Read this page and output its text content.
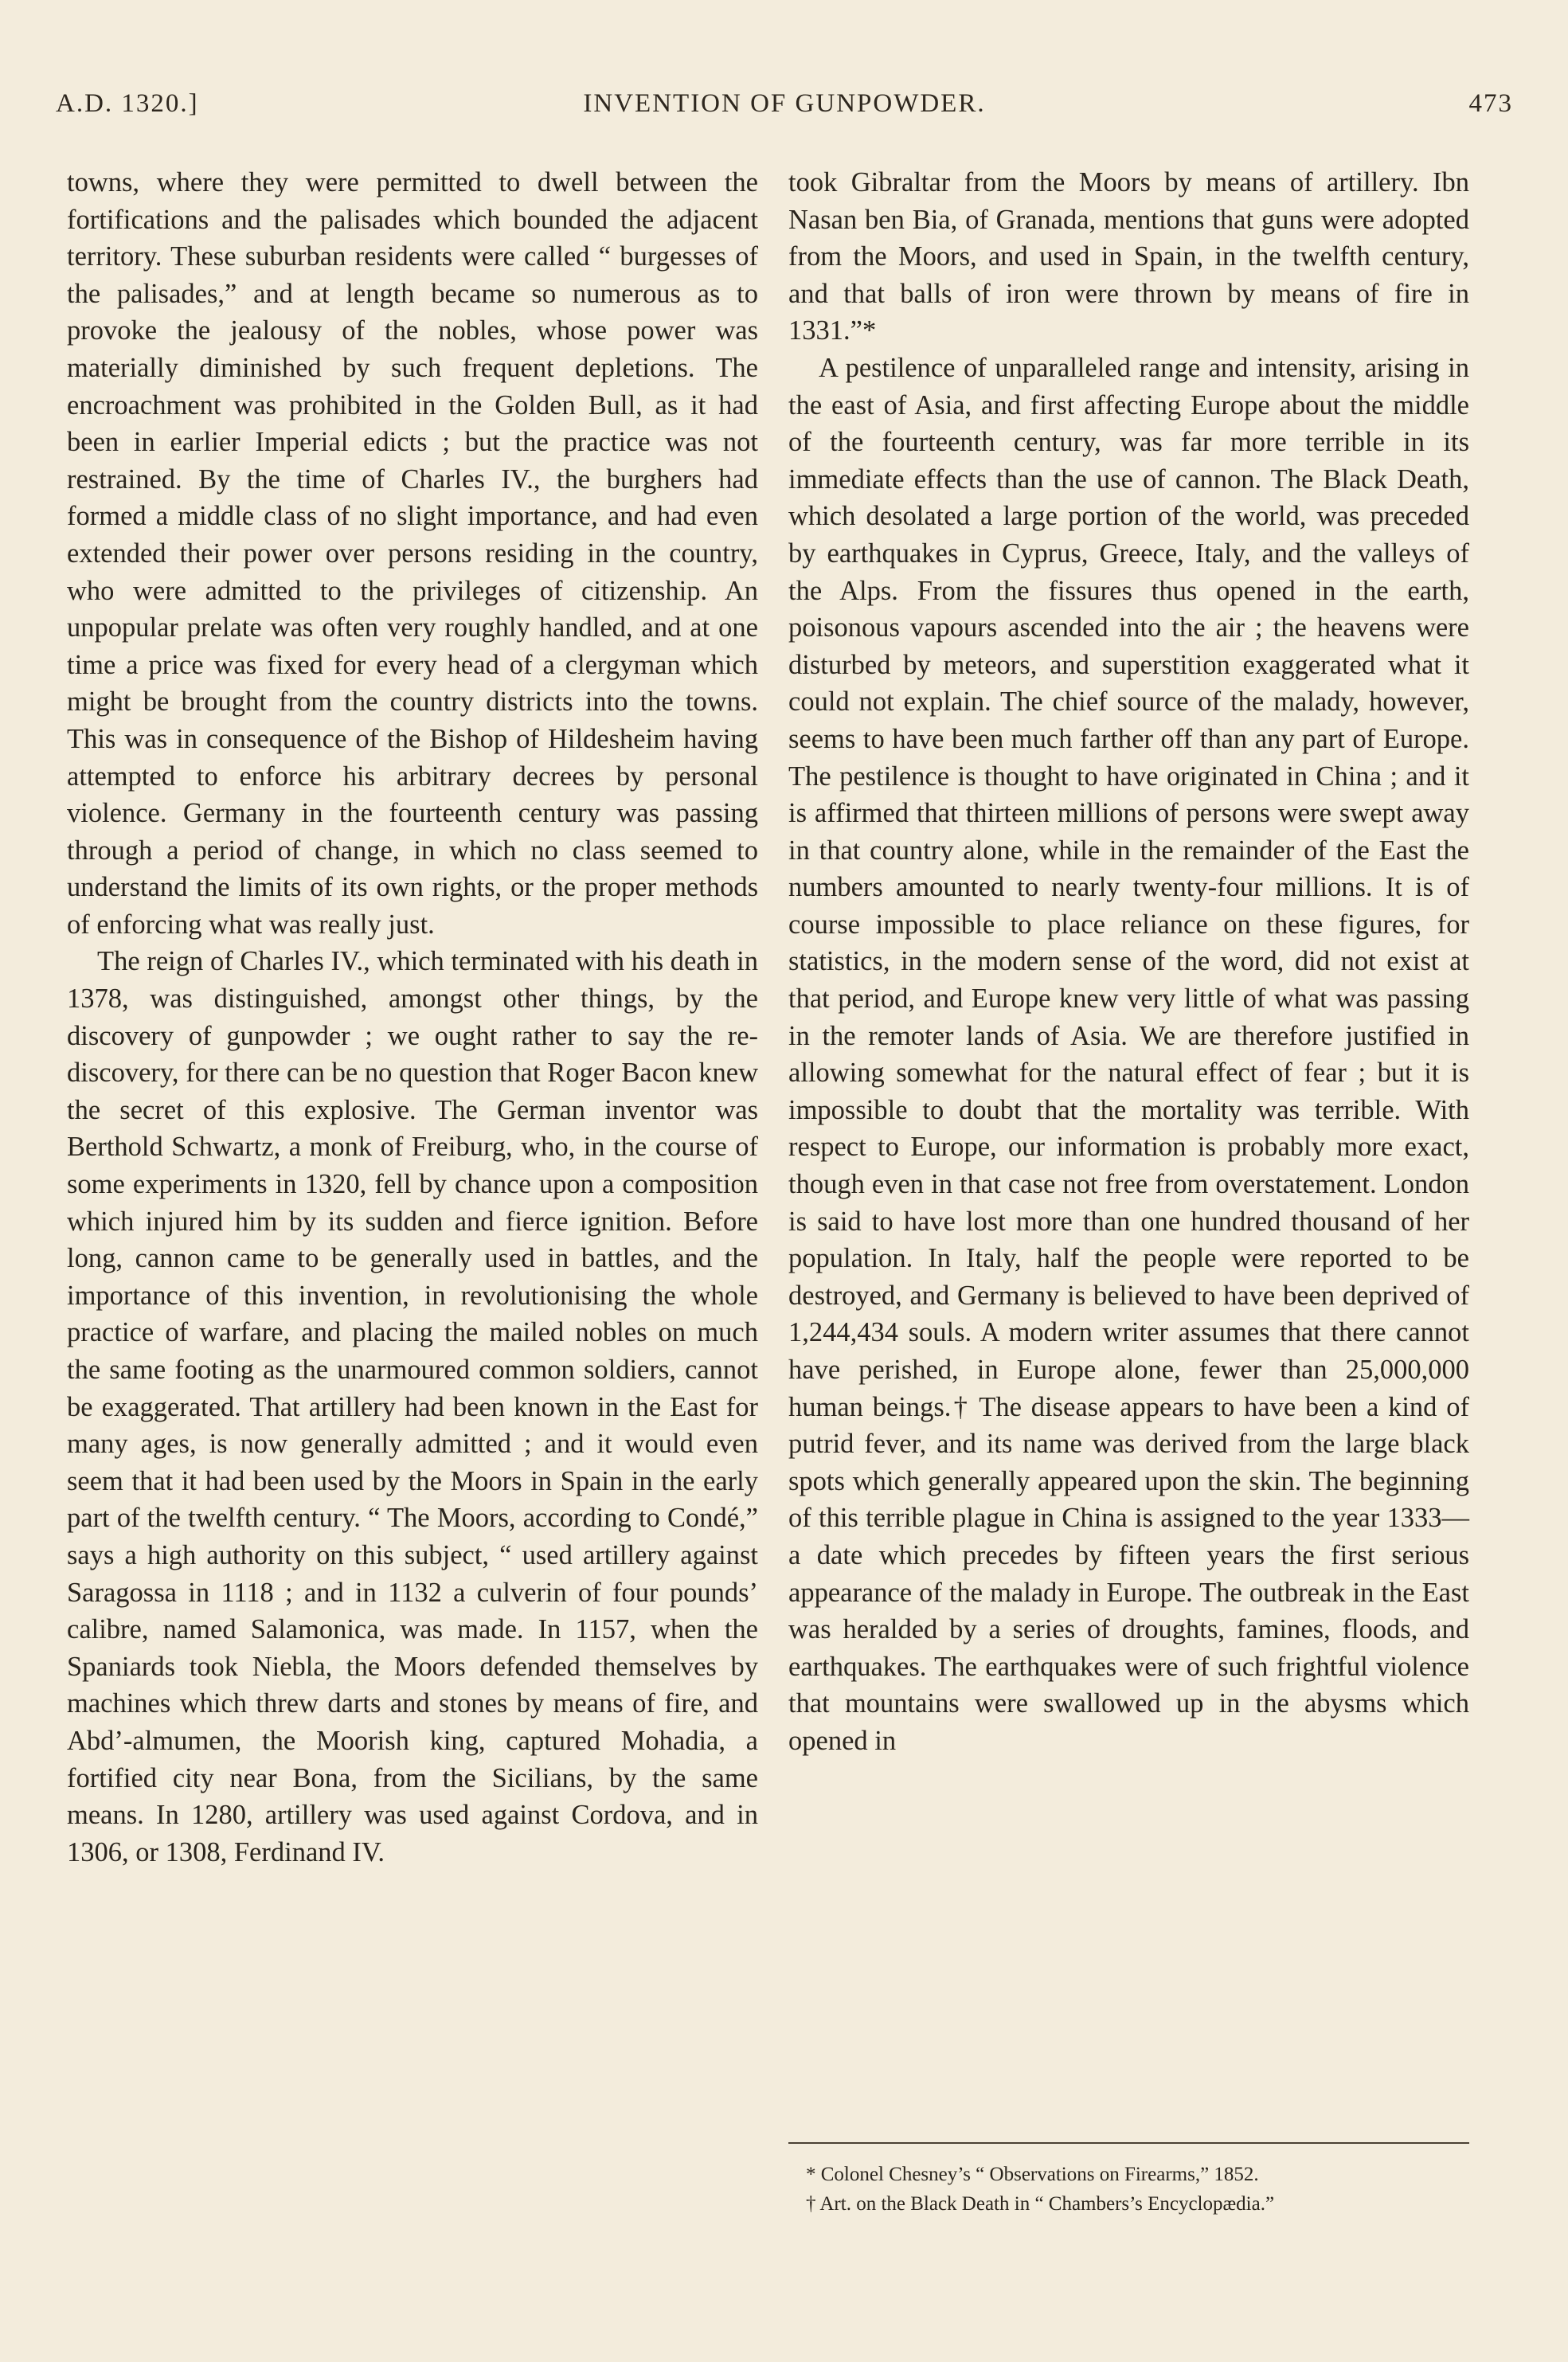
A.D. 1320.]	INVENTION OF GUNPOWDER.	473

towns, where they were permitted to dwell between the fortifications and the palisades which bounded the adjacent territory. These suburban residents were called “ burgesses of the palisades,” and at length became so numerous as to provoke the jealousy of the nobles, whose power was materially diminished by such frequent depletions. The encroachment was prohibited in the Golden Bull, as it had been in earlier Imperial edicts ; but the practice was not restrained. By the time of Charles IV., the burghers had formed a middle class of no slight importance, and had even extended their power over persons residing in the country, who were admitted to the privileges of citizenship. An unpopular prelate was often very roughly handled, and at one time a price was fixed for every head of a clergyman which might be brought from the country districts into the towns. This was in consequence of the Bishop of Hildesheim having attempted to enforce his arbitrary decrees by personal violence. Germany in the fourteenth century was passing through a period of change, in which no class seemed to understand the limits of its own rights, or the proper methods of enforcing what was really just.

The reign of Charles IV., which terminated with his death in 1378, was distinguished, amongst other things, by the discovery of gunpowder ; we ought rather to say the re-discovery, for there can be no question that Roger Bacon knew the secret of this explosive. The German inventor was Berthold Schwartz, a monk of Freiburg, who, in the course of some experiments in 1320, fell by chance upon a composition which injured him by its sudden and fierce ignition. Before long, cannon came to be generally used in battles, and the importance of this invention, in revolutionising the whole practice of warfare, and placing the mailed nobles on much the same footing as the unarmoured common soldiers, cannot be exaggerated. That artillery had been known in the East for many ages, is now generally admitted ; and it would even seem that it had been used by the Moors in Spain in the early part of the twelfth century. “ The Moors, according to Condé,” says a high authority on this subject, “ used artillery against Saragossa in 1118 ; and in 1132 a culverin of four pounds’ calibre, named Salamonica, was made. In 1157, when the Spaniards took Niebla, the Moors defended themselves by machines which threw darts and stones by means of fire, and Abd’-almumen, the Moorish king, captured Mohadia, a fortified city near Bona, from the Sicilians, by the same means. In 1280, artillery was used against Cordova, and in 1306, or 1308, Ferdinand IV.

took Gibraltar from the Moors by means of artillery. Ibn Nasan ben Bia, of Granada, mentions that guns were adopted from the Moors, and used in Spain, in the twelfth century, and that balls of iron were thrown by means of fire in 1331.”*

A pestilence of unparalleled range and intensity, arising in the east of Asia, and first affecting Europe about the middle of the fourteenth century, was far more terrible in its immediate effects than the use of cannon. The Black Death, which desolated a large portion of the world, was preceded by earthquakes in Cyprus, Greece, Italy, and the valleys of the Alps. From the fissures thus opened in the earth, poisonous vapours ascended into the air ; the heavens were disturbed by meteors, and superstition exaggerated what it could not explain. The chief source of the malady, however, seems to have been much farther off than any part of Europe. The pestilence is thought to have originated in China ; and it is affirmed that thirteen millions of persons were swept away in that country alone, while in the remainder of the East the numbers amounted to nearly twenty-four millions. It is of course impossible to place reliance on these figures, for statistics, in the modern sense of the word, did not exist at that period, and Europe knew very little of what was passing in the remoter lands of Asia. We are therefore justified in allowing somewhat for the natural effect of fear ; but it is impossible to doubt that the mortality was terrible. With respect to Europe, our information is probably more exact, though even in that case not free from overstatement. London is said to have lost more than one hundred thousand of her population. In Italy, half the people were reported to be destroyed, and Germany is believed to have been deprived of 1,244,434 souls. A modern writer assumes that there cannot have perished, in Europe alone, fewer than 25,000,000 human beings.† The disease appears to have been a kind of putrid fever, and its name was derived from the large black spots which generally appeared upon the skin. The beginning of this terrible plague in China is assigned to the year 1333—a date which precedes by fifteen years the first serious appearance of the malady in Europe. The outbreak in the East was heralded by a series of droughts, famines, floods, and earthquakes. The earthquakes were of such frightful violence that mountains were swallowed up in the abysms which opened in

* Colonel Chesney’s “ Observations on Firearms,” 1852.

† Art. on the Black Death in “ Chambers’s Encyclopædia.”
